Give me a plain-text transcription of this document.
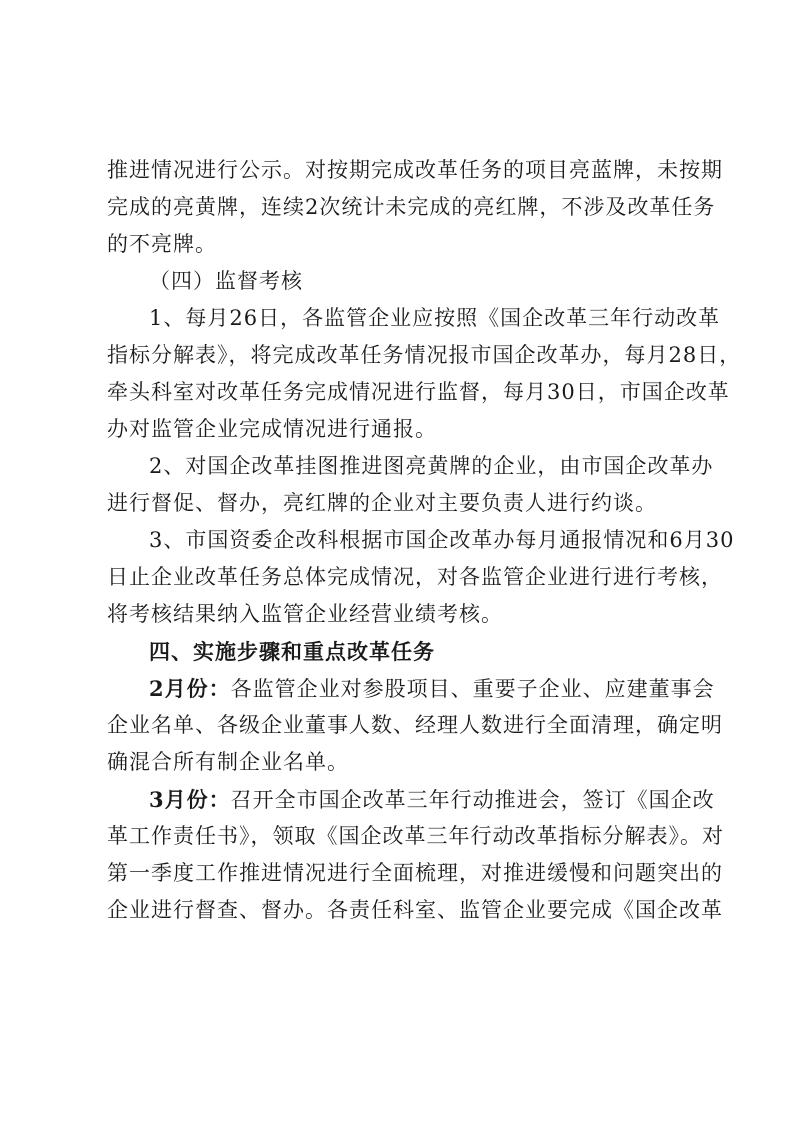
推进情况进行公示。对按期完成改革任务的项目亮蓝牌，未按期
完成的亮黄牌，连续2次统计未完成的亮红牌，不涉及改革任务
的不亮牌。
（四）监督考核
1、每月26日，各监管企业应按照《国企改革三年行动改革
指标分解表》，将完成改革任务情况报市国企改革办，每月28日，
牵头科室对改革任务完成情况进行监督，每月30日，市国企改革
办对监管企业完成情况进行通报。
2、对国企改革挂图推进图亮黄牌的企业，由市国企改革办
进行督促、督办，亮红牌的企业对主要负责人进行约谈。
3、市国资委企改科根据市国企改革办每月通报情况和6月30
日止企业改革任务总体完成情况，对各监管企业进行进行考核，
将考核结果纳入监管企业经营业绩考核。
四、实施步骤和重点改革任务
2月份：各监管企业对参股项目、重要子企业、应建董事会
企业名单、各级企业董事人数、经理人数进行全面清理，确定明
确混合所有制企业名单。
3月份：召开全市国企改革三年行动推进会，签订《国企改
革工作责任书》，领取《国企改革三年行动改革指标分解表》。对
第一季度工作推进情况进行全面梳理，对推进缓慢和问题突出的
企业进行督查、督办。各责任科室、监管企业要完成《国企改革
